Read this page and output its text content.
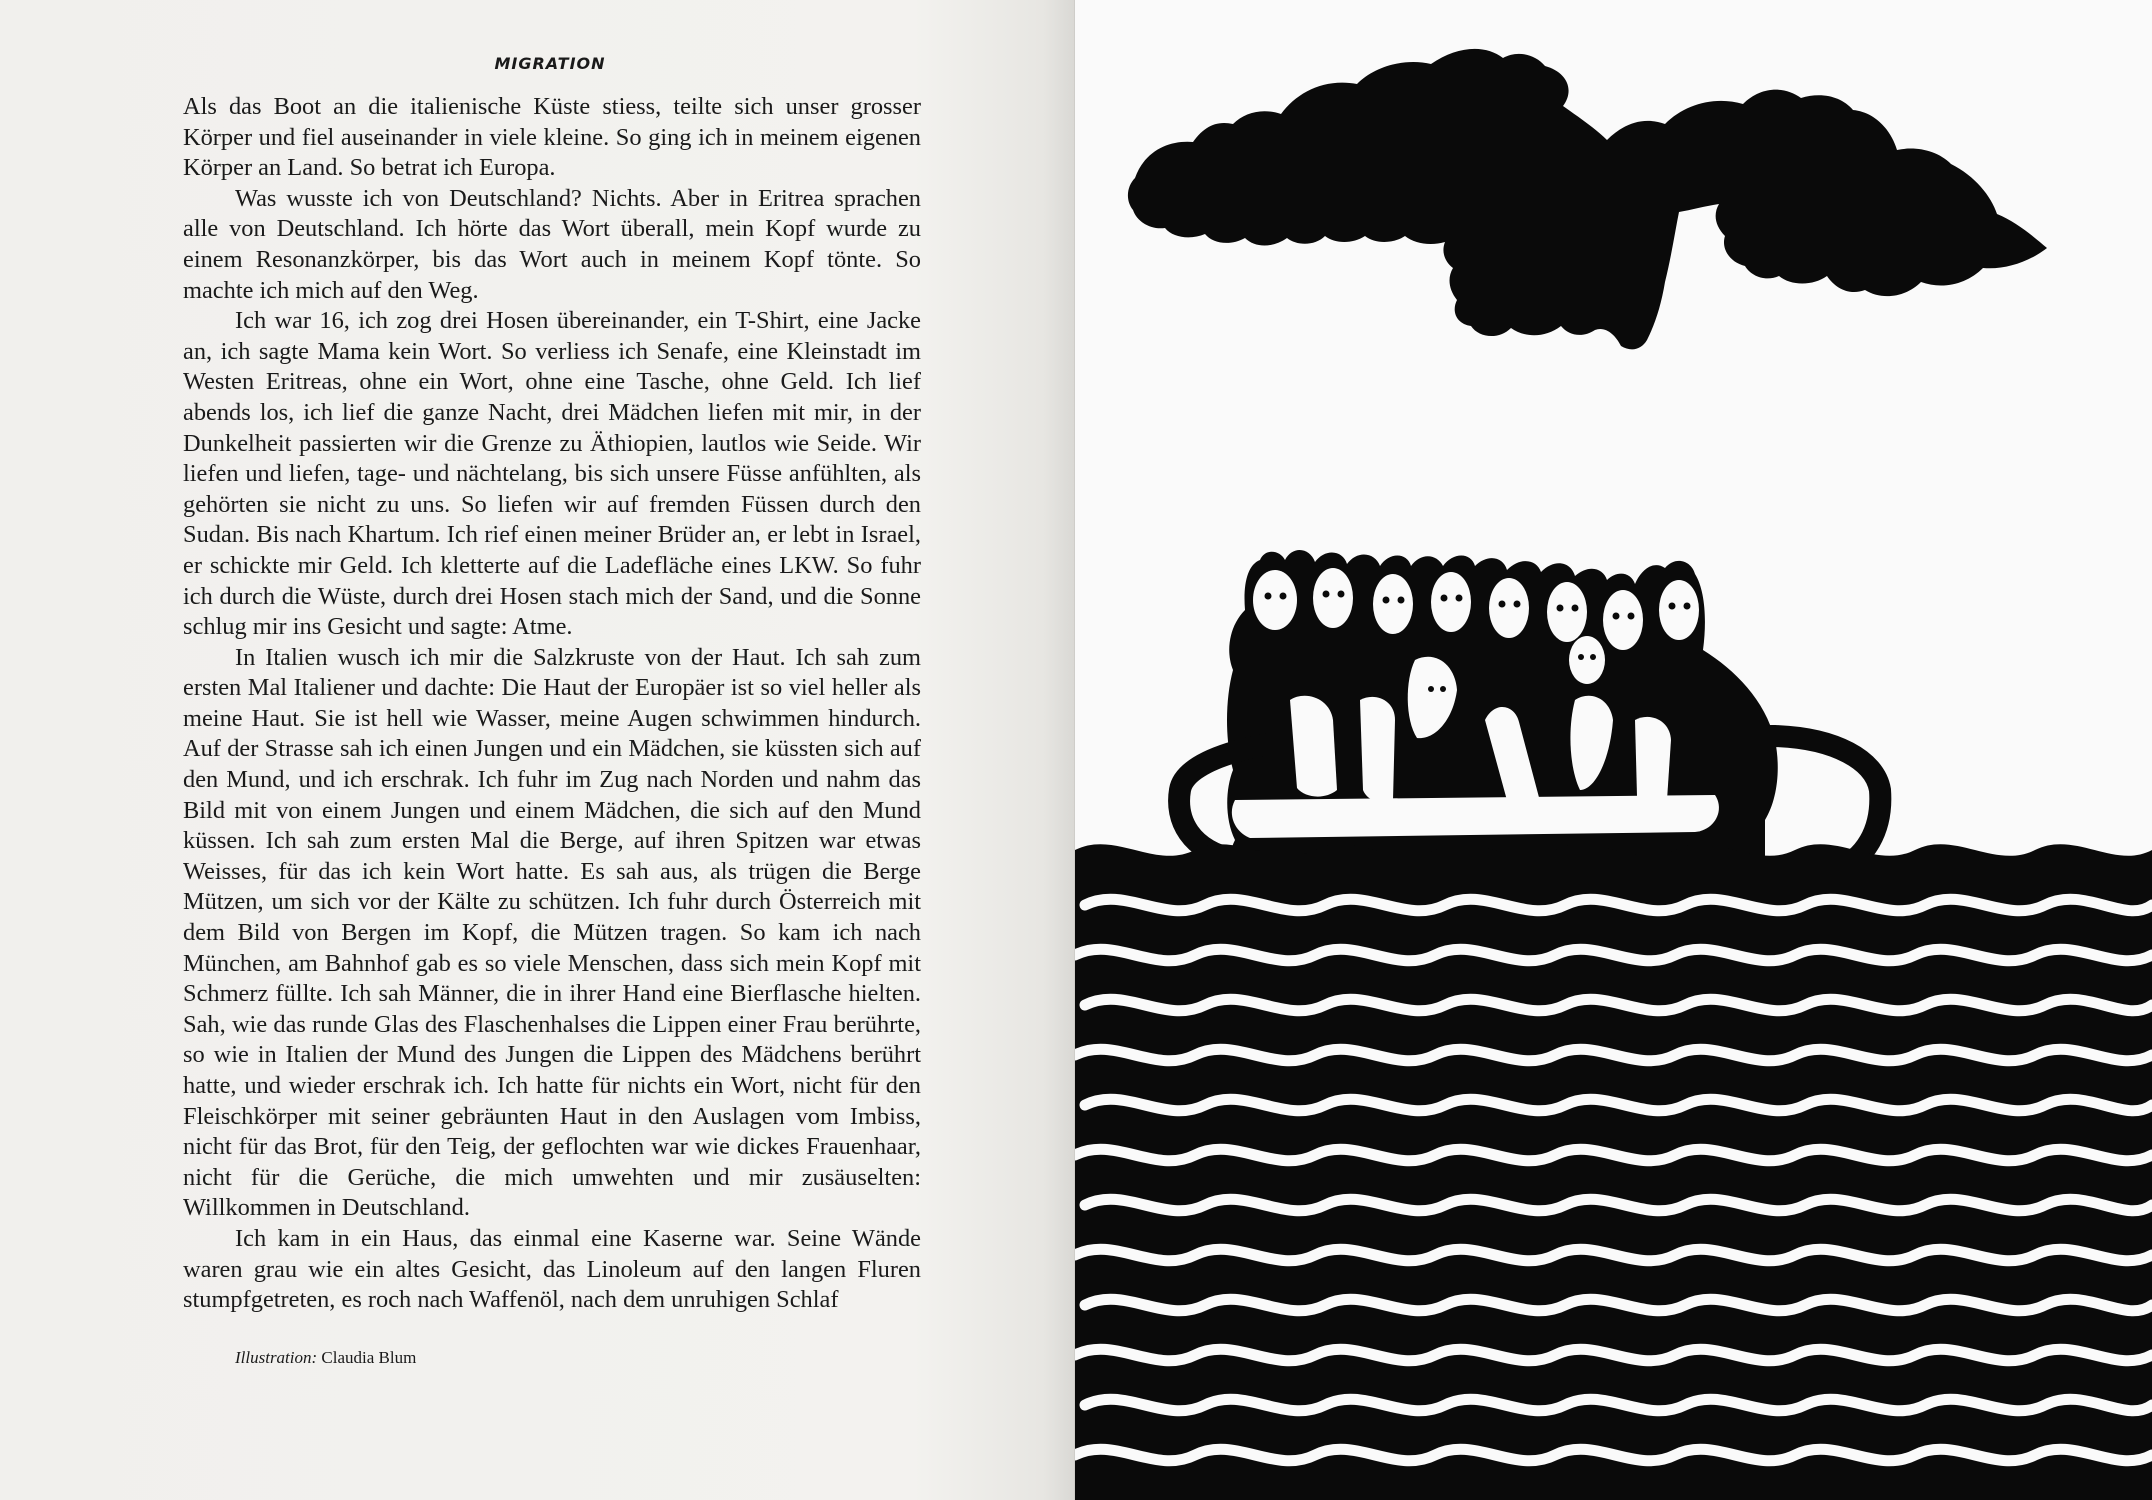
MIGRATION

Als das Boot an die italienische Küste stiess, teilte sich unser grosser Körper und fiel auseinander in viele kleine. So ging ich in meinem eigenen Körper an Land. So betrat ich Europa.

Was wusste ich von Deutschland? Nichts. Aber in Eritrea sprachen alle von Deutschland. Ich hörte das Wort überall, mein Kopf wurde zu einem Resonanzkörper, bis das Wort auch in meinem Kopf tönte. So machte ich mich auf den Weg.

Ich war 16, ich zog drei Hosen übereinander, ein T-Shirt, eine Jacke an, ich sagte Mama kein Wort. So verliess ich Senafe, eine Kleinstadt im Westen Eritreas, ohne ein Wort, ohne eine Tasche, ohne Geld. Ich lief abends los, ich lief die ganze Nacht, drei Mädchen liefen mit mir, in der Dunkelheit passierten wir die Grenze zu Äthiopien, lautlos wie Seide. Wir liefen und liefen, tage- und nächtelang, bis sich unsere Füsse anfühlten, als gehörten sie nicht zu uns. So liefen wir auf fremden Füssen durch den Sudan. Bis nach Khartum. Ich rief einen meiner Brüder an, er lebt in Israel, er schickte mir Geld. Ich kletterte auf die Ladefläche eines LKW. So fuhr ich durch die Wüste, durch drei Hosen stach mich der Sand, und die Sonne schlug mir ins Gesicht und sagte: Atme.

In Italien wusch ich mir die Salzkruste von der Haut. Ich sah zum ersten Mal Italiener und dachte: Die Haut der Europäer ist so viel heller als meine Haut. Sie ist hell wie Wasser, meine Augen schwimmen hindurch. Auf der Strasse sah ich einen Jungen und ein Mädchen, sie küssten sich auf den Mund, und ich erschrak. Ich fuhr im Zug nach Norden und nahm das Bild mit von einem Jungen und einem Mädchen, die sich auf den Mund küssen. Ich sah zum ersten Mal die Berge, auf ihren Spitzen war etwas Weisses, für das ich kein Wort hatte. Es sah aus, als trügen die Berge Mützen, um sich vor der Kälte zu schützen. Ich fuhr durch Österreich mit dem Bild von Bergen im Kopf, die Mützen tragen. So kam ich nach München, am Bahnhof gab es so viele Menschen, dass sich mein Kopf mit Schmerz füllte. Ich sah Männer, die in ihrer Hand eine Bierflasche hielten. Sah, wie das runde Glas des Flaschenhalses die Lippen einer Frau berührte, so wie in Italien der Mund des Jungen die Lippen des Mädchens berührt hatte, und wieder erschrak ich. Ich hatte für nichts ein Wort, nicht für den Fleischkörper mit seiner gebräunten Haut in den Auslagen vom Imbiss, nicht für das Brot, für den Teig, der geflochten war wie dickes Frauenhaar, nicht für die Gerüche, die mich umwehten und mir zusäuselten: Willkommen in Deutschland.

Ich kam in ein Haus, das einmal eine Kaserne war. Seine Wände waren grau wie ein altes Gesicht, das Linoleum auf den langen Fluren stumpfgetreten, es roch nach Waffenöl, nach dem unruhigen Schlaf

Illustration: Claudia Blum
